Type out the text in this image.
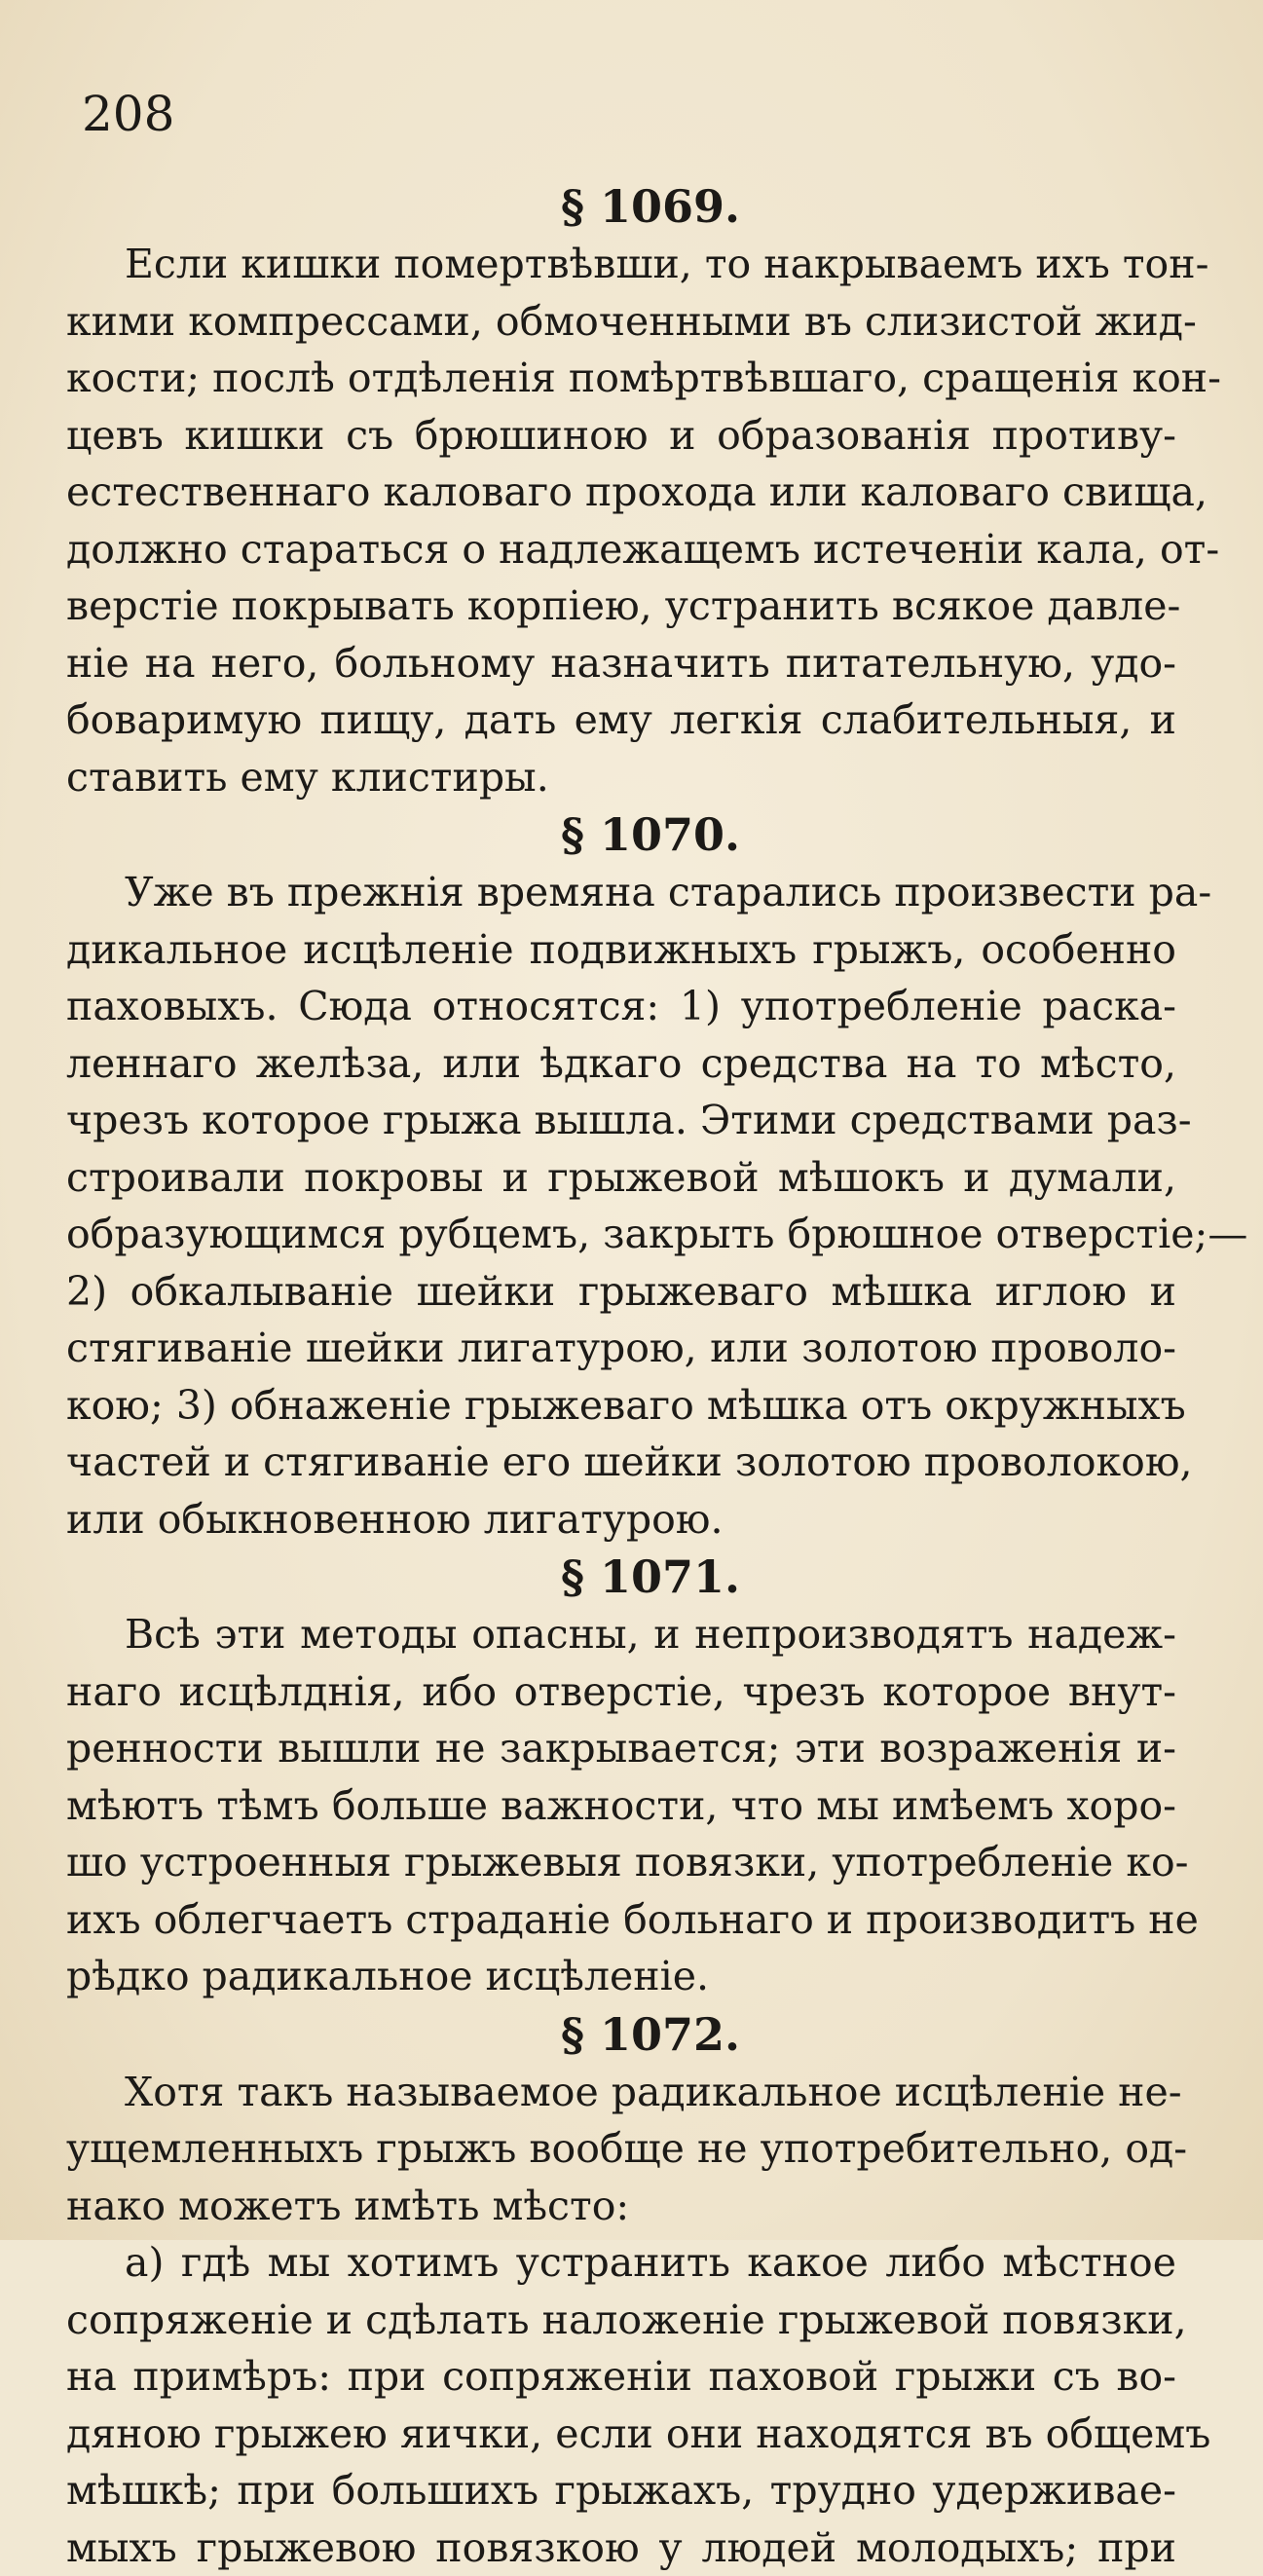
208
§ 1069.

Если кишки помертвѣвши, то накрываемъ ихъ тон-
кими компрессами, обмоченными въ слизистой жид-
кости; послѣ отдѣленія помѣртвѣвшаго, сращенія кон-
цевъ кишки съ брюшиною и образованія противу-
естественнаго каловаго прохода или каловаго свища,
должно стараться о надлежащемъ истеченіи кала, от-
верстіе покрывать корпіею, устранить всякое давле-
ніе на него, больному назначить питательную, удо-
боваримую пищу, дать ему легкія слабительныя, и
ставить ему клистиры.

§ 1070.

Уже въ прежнія времяна старались произвести ра-
дикальное исцѣленіе подвижныхъ грыжъ, особенно
паховыхъ. Сюда относятся: 1) употребленіе раска-
леннаго желѣза, или ѣдкаго средства на то мѣсто,
чрезъ которое грыжа вышла. Этими средствами раз-
строивали покровы и грыжевой мѣшокъ и думали,
образующимся рубцемъ, закрыть брюшное отверстіе;—
2) обкалываніе шейки грыжеваго мѣшка иглою и
стягиваніе шейки лигатурою, или золотою проволо-
кою; 3) обнаженіе грыжеваго мѣшка отъ окружныхъ
частей и стягиваніе его шейки золотою проволокою,
или обыкновенною лигатурою.

§ 1071.

Всѣ эти методы опасны, и непроизводятъ надеж-
наго исцѣлднія, ибо отверстіе, чрезъ которое внут-
ренности вышли не закрывается; эти возраженія и-
мѣютъ тѣмъ больше важности, что мы имѣемъ хоро-
шо устроенныя грыжевыя повязки, употребленіе ко-
ихъ облегчаетъ страданіе больнаго и производитъ не
рѣдко радикальное исцѣленіе.

§ 1072.

Хотя такъ называемое радикальное исцѣленіе не-
ущемленныхъ грыжъ вообще не употребительно, од-
нако можетъ имѣть мѣсто:

а) гдѣ мы хотимъ устранить какое либо мѣстное
сопряженіе и сдѣлать наложеніе грыжевой повязки,
на примѣръ: при сопряженіи паховой грыжи съ во-
дяною грыжею яички, если они находятся въ общемъ
мѣшкѣ; при большихъ грыжахъ, трудно удерживае-
мыхъ грыжевою повязкою у людей молодыхъ; при
